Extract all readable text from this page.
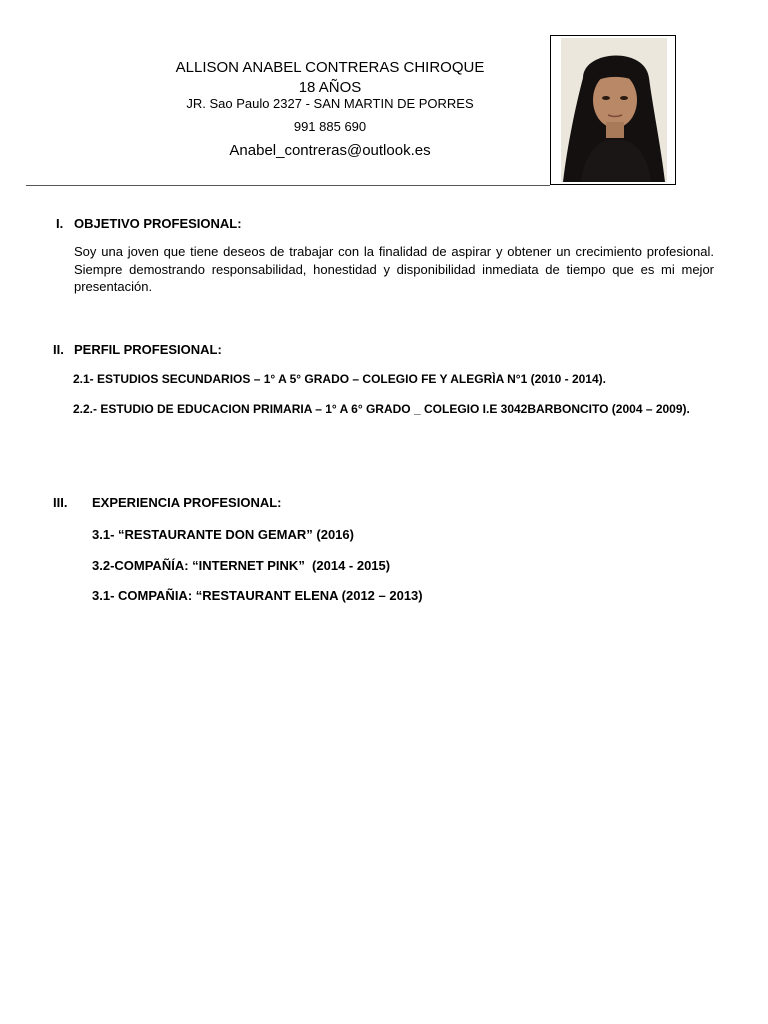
ALLISON ANABEL CONTRERAS CHIROQUE
18 AÑOS
JR. Sao Paulo 2327 - SAN MARTIN DE PORRES
991 885 690
Anabel_contreras@outlook.es
I. OBJETIVO PROFESIONAL:
Soy una joven que tiene deseos de trabajar con la finalidad de aspirar y obtener un crecimiento profesional. Siempre demostrando responsabilidad, honestidad y disponibilidad inmediata de tiempo que es mi mejor presentación.
II. PERFIL PROFESIONAL:
2.1- ESTUDIOS SECUNDARIOS – 1° A 5° GRADO – COLEGIO FE Y ALEGRÌA N°1 (2010 - 2014).
2.2.- ESTUDIO DE EDUCACION PRIMARIA – 1° A 6° GRADO _ COLEGIO I.E 3042BARBONCITO (2004 – 2009).
III. EXPERIENCIA PROFESIONAL:
3.1- “RESTAURANTE DON GEMAR” (2016)
3.2-COMPAÑÍA: “INTERNET PINK”  (2014 - 2015)
3.1- COMPAÑIA: “RESTAURANT ELENA (2012 – 2013)
